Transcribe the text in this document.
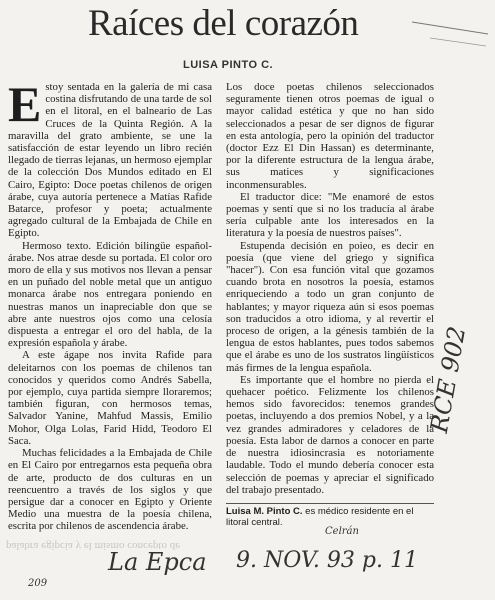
Raíces del corazón
LUISA PINTO C.

Estoy sentada en la galería de mi casa costina disfrutando de una tarde de sol en el litoral, en el balneario de Las Cruces de la Quinta Región. A la maravilla del grato ambiente, se une la satisfacción de estar leyendo un libro recién llegado de tierras lejanas, un hermoso ejemplar de la colección Dos Mundos editado en El Cairo, Egipto: Doce poetas chilenos de origen árabe, cuya autoría pertenece a Matías Rafide Batarce, profesor y poeta; actualmente agregado cultural de la Embajada de Chile en Egipto.

Hermoso texto. Edición bilingüe español-árabe. Nos atrae desde su portada. El color oro moro de ella y sus motivos nos llevan a pensar en un puñado del noble metal que un antiguo monarca árabe nos entregara poniendo en nuestras manos un inapreciable don que se abre ante nuestros ojos como una celosía dispuesta a entregar el oro del habla, de la expresión española y árabe.

A este ágape nos invita Rafide para deleitarnos con los poemas de chilenos tan conocidos y queridos como Andrés Sabella, por ejemplo, cuya partida siempre lloraremos; también figuran, con hermosos temas, Salvador Yanine, Mahfud Massis, Emilio Mohor, Olga Lolas, Farid Hidd, Teodoro El Saca.

Muchas felicidades a la Embajada de Chile en El Cairo por entregarnos esta pequeña obra de arte, producto de dos culturas en un reencuentro a través de los siglos y que persigue dar a conocer en Egipto y Oriente Medio una muestra de la poesía chilena, escrita por chilenos de ascendencia árabe.

Los doce poetas chilenos seleccionados seguramente tienen otros poemas de igual o mayor calidad estética y que no han sido seleccionados a pesar de ser dignos de figurar en esta antología, pero la opinión del traductor (doctor Ezz El Din Hassan) es determinante, por la diferente estructura de la lengua árabe, sus matices y significaciones inconmensurables.

El traductor dice: "Me enamoré de estos poemas y sentí que si no los traducía al árabe sería culpable ante los interesados en la literatura y la poesía de nuestros países".

Estupenda decisión en poieo, es decir en poesía (que viene del griego y significa "hacer"). Con esa función vital que gozamos cuando brota en nosotros la poesía, estamos enriqueciendo a todo un gran conjunto de hablantes; y mayor riqueza aún si esos poemas son traducidos a otro idioma, y al revertir el proceso de origen, a la génesis también de la lengua de estos hablantes, pues todos sabemos que el árabe es uno de los sustratos lingüísticos más firmes de la lengua española.

Es importante que el hombre no pierda el quehacer poético. Felizmente los chilenos hemos sido favorecidos: tenemos grandes poetas, incluyendo a dos premios Nobel, y a la vez grandes admiradores y celadores de la poesía. Esta labor de darnos a conocer en parte de nuestra idiosincrasia es notoriamente laudable. Todo el mundo debería conocer esta selección de poemas y apreciar el significado del trabajo presentado.

Luisa M. Pinto C. es médico residente en el litoral central.
palabra egipcia y el mismo concepto de
Celrán
RCE 902
La Epca 9. NOV. 93 p. 11
209
